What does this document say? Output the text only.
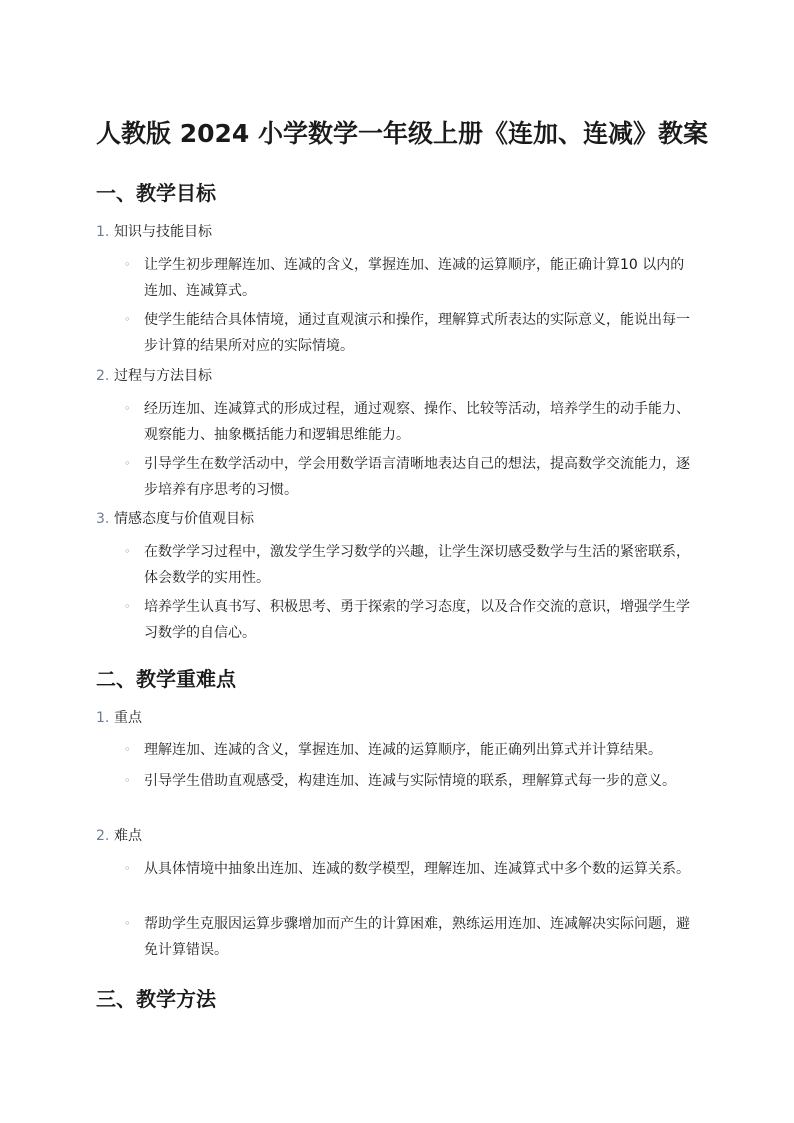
人教版 2024 小学数学一年级上册《连加、连减》教案
一、教学目标
1. 知识与技能目标
◦ 让学生初步理解连加、连减的含义，掌握连加、连减的运算顺序，能正确计算10 以内的连加、连减算式。
◦ 使学生能结合具体情境，通过直观演示和操作，理解算式所表达的实际意义，能说出每一步计算的结果所对应的实际情境。
2. 过程与方法目标
◦ 经历连加、连减算式的形成过程，通过观察、操作、比较等活动，培养学生的动手能力、观察能力、抽象概括能力和逻辑思维能力。
◦ 引导学生在数学活动中，学会用数学语言清晰地表达自己的想法，提高数学交流能力，逐步培养有序思考的习惯。
3. 情感态度与价值观目标
◦ 在数学学习过程中，激发学生学习数学的兴趣，让学生深切感受数学与生活的紧密联系，体会数学的实用性。
◦ 培养学生认真书写、积极思考、勇于探索的学习态度，以及合作交流的意识，增强学生学习数学的自信心。
二、教学重难点
1. 重点
◦ 理解连加、连减的含义，掌握连加、连减的运算顺序，能正确列出算式并计算结果。
◦ 引导学生借助直观感受，构建连加、连减与实际情境的联系，理解算式每一步的意义。
2. 难点
◦ 从具体情境中抽象出连加、连减的数学模型，理解连加、连减算式中多个数的运算关系。
◦ 帮助学生克服因运算步骤增加而产生的计算困难，熟练运用连加、连减解决实际问题，避免计算错误。
三、教学方法
